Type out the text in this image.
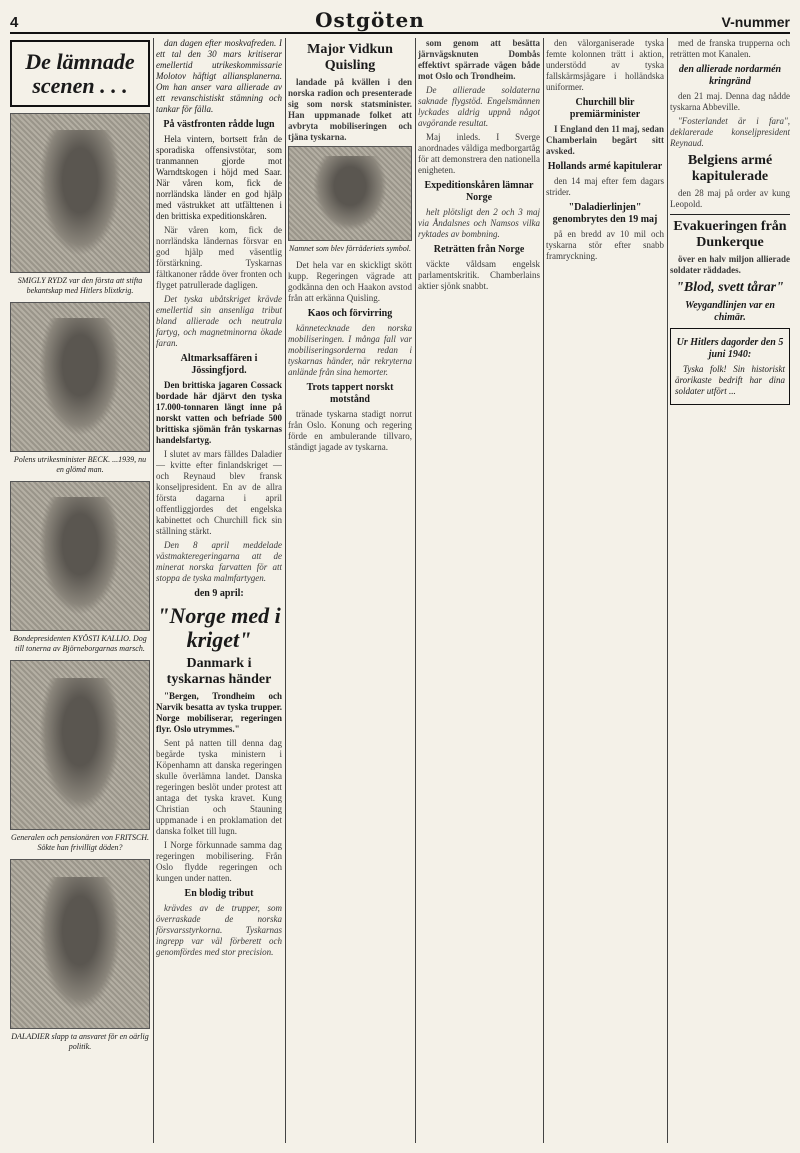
4	Ostgöten	V-nummer
De lämnade scenen . . .
SMIGLY RYDZ var den första att stifta bekantskap med Hitlers blixtkrig.
Polens utrikesminister BECK. ...1939, nu en glömd man.
Bondepresidenten KYÖSTI KALLIO. Dog till tonerna av Björneborgarnas marsch.
Generalen och pensionären von FRITSCH. Sökte han frivilligt döden?
DALADIER slapp ta ansvaret för en oärlig politik.

dan dagen efter moskvafreden. I ett tal den 30 mars kritiserar emellertid utrikeskommissarie Molotov häftigt alliansplanerna. Om han anser vara allierade av ett revanschistiskt stämning och tankar för fälla.

På västfronten rådde lugn

Hela vintern, bortsett från de sporadiska offensivstötar, som tranmannen gjorde mot Warndtskogen i höjd med Saar. När våren kom, fick de norrländska länder en god hjälp med västrukket att utfälttenen i den brittiska expeditionskåren.

När våren kom, fick de norrländska ländernas försvar en god hjälp med väsentlig förstärkning. Tyskarnas fältkanoner rådde över fronten och flyget patrullerade dagligen.

Det tyska ubåtskriget krävde emellertid sin ansenliga tribut bland allierade och neutrala fartyg, och magnetminorna ökade faran.

Altmarksaffären i Jössingfjord.

Den brittiska jagaren Cossack bordade här djärvt den tyska 17.000-tonnaren längt inne på norskt vatten och befriade 500 brittiska sjömän från tyskarnas handelsfartyg.

I slutet av mars fälldes Daladier — kvitte efter finlandskriget — och Reynaud blev fransk konseljpresident. En av de allra första dagarna i april offentliggjordes det engelska kabinettet och Churchill fick sin ställning stärkt.

Den 8 april meddelade västmakteregeringarna att de minerat norska farvatten för att stoppa de tyska malmfartygen.

den 9 april:
"Norge med i kriget"
Danmark i tyskarnas händer

"Bergen, Trondheim och Narvik besatta av tyska trupper. Norge mobiliserar, regeringen flyr. Oslo utrymmes."

Sent på natten till denna dag begärde tyska ministern i Köpenhamn att danska regeringen skulle överlämna landet. Danska regeringen beslöt under protest att antaga det tyska kravet. Kung Christian och Stauning uppmanade i en proklamation det danska folket till lugn.

I Norge förkunnade samma dag regeringen mobilisering. Från Oslo flydde regeringen och kungen under natten.

En blodig tribut

krävdes av de trupper, som överraskade de norska försvarsstyrkorna. Tyskarnas ingrepp var väl förberett och genomfördes med stor precision.

Major Vidkun Quisling

landade på kvällen i den norska radion och presenterade sig som norsk statsminister. Han uppmanade folket att avbryta mobiliseringen och tjäna tyskarna.

Namnet som blev förräderiets symbol.

Det hela var en skickligt skött kupp. Regeringen vägrade att godkänna den och Haakon avstod från att erkänna Quisling.

Kaos och förvirring

kännetecknade den norska mobiliseringen. I många fall var mobiliseringsorderna redan i tyskarnas händer, när rekryterna anlände från sina hemorter.

Trots tappert norskt motstånd

tränade tyskarna stadigt norrut från Oslo. Konung och regering förde en ambulerande tillvaro, ständigt jagade av tyskarna.

som genom att besätta järnvägsknuten Dombås effektivt spärrade vägen både mot Oslo och Trondheim.

De allierade soldaterna saknade flygstöd. Engelsmännen lyckades aldrig uppnå något avgörande resultat.

Maj inleds. I Sverge anordnades väldiga medborgartåg för att demonstrera den nationella enigheten.

Expeditionskåren lämnar Norge

helt plötsligt den 2 och 3 maj via Åndalsnes och Namsos vilka ryktades av bombning.

Reträtten från Norge

väckte våldsam engelsk parlamentskritik. Chamberlains aktier sjönk snabbt.

den välorganiserade tyska femte kolonnen trätt i aktion, understödd av tyska fallskärmsjägare i holländska uniformer.

Churchill blir premiärminister

I England den 11 maj, sedan Chamberlain begärt sitt avsked.

Hollands armé kapitulerar

den 14 maj efter fem dagars strider.

"Daladierlinjen" genombrytes den 19 maj

på en bredd av 10 mil och tyskarna stör efter snabb framryckning.

med de franska trupperna och reträtten mot Kanalen.

den allierade nordarmén kringränd

den 21 maj. Denna dag nådde tyskarna Abbeville.

"Fosterlandet är i fara", deklarerade konseljpresident Reynaud.

Belgiens armé kapitulerade

den 28 maj på order av kung Leopold.

Evakueringen från Dunkerque

över en halv miljon allierade soldater räddades.

"Blod, svett tårar"
Weygandlinjen var en chimär.
Ur Hitlers dagorder den 5 juni 1940:

Tyska folk! Sin historiskt ärorikaste bedrift har dina soldater utfört ...
